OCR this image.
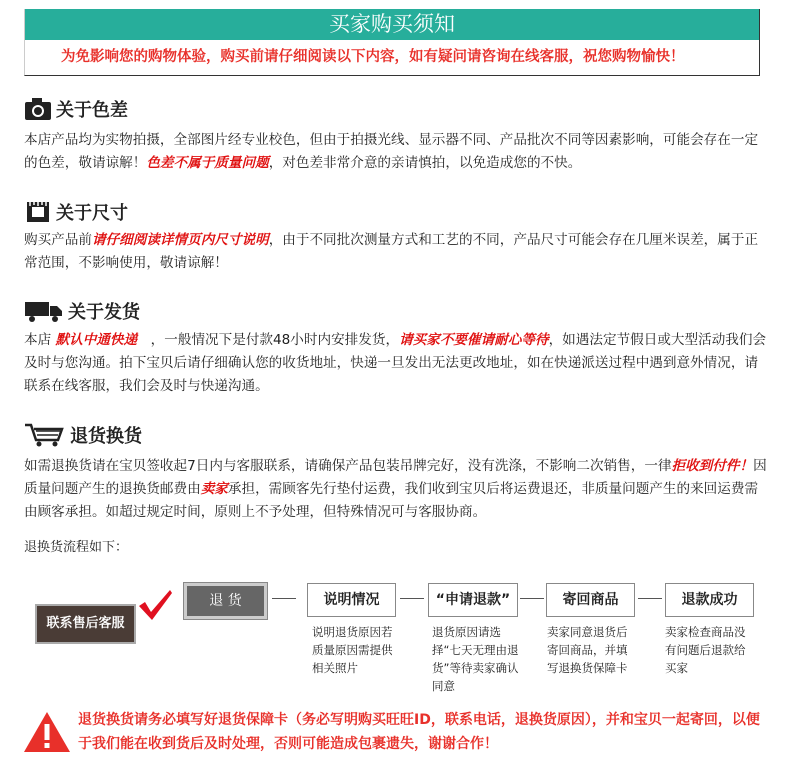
买家购买须知
为免影响您的购物体验，购买前请仔细阅读以下内容，如有疑问请咨询在线客服，祝您购物愉快！
关于色差
本店产品均为实物拍摄，全部图片经专业校色，但由于拍摄光线、显示器不同、产品批次不同等因素影响，可能会存在一定的色差，敬请谅解！色差不属于质量问题，对色差非常介意的亲请慎拍，以免造成您的不快。
关于尺寸
购买产品前请仔细阅读详情页内尺寸说明，由于不同批次测量方式和工艺的不同，产品尺寸可能会存在几厘米误差，属于正常范围，不影响使用，敬请谅解！
关于发货
本店 默认中通快递　，一般情况下是付款48小时内安排发货，请买家不要催请耐心等待，如遇法定节假日或大型活动我们会及时与您沟通。拍下宝贝后请仔细确认您的收货地址，快递一旦发出无法更改地址，如在快递派送过程中遇到意外情况，请联系在线客服，我们会及时与快递沟通。
退货换货
如需退换货请在宝贝签收起7日内与客服联系，请确保产品包装吊牌完好，没有洗涤，不影响二次销售，一律拒收到付件！因质量问题产生的退换货邮费由卖家承担，需顾客先行垫付运费，我们收到宝贝后将运费退还，非质量问题产生的来回运费需由顾客承担。如超过规定时间，原则上不予处理，但特殊情况可与客服协商。
退换货流程如下：
联系售后客服
退 货	说明情况	“申请退款”	寄回商品	退款成功
说明退货原因若质量原因需提供相关照片
退货原因请选择“七天无理由退货”等待卖家确认同意
卖家同意退货后寄回商品，并填写退换货保障卡
卖家检查商品没有问题后退款给买家
退货换货请务必填写好退货保障卡（务必写明购买旺旺ID，联系电话，退换货原因），并和宝贝一起寄回，以便于我们能在收到货后及时处理，否则可能造成包裹遗失，谢谢合作！
